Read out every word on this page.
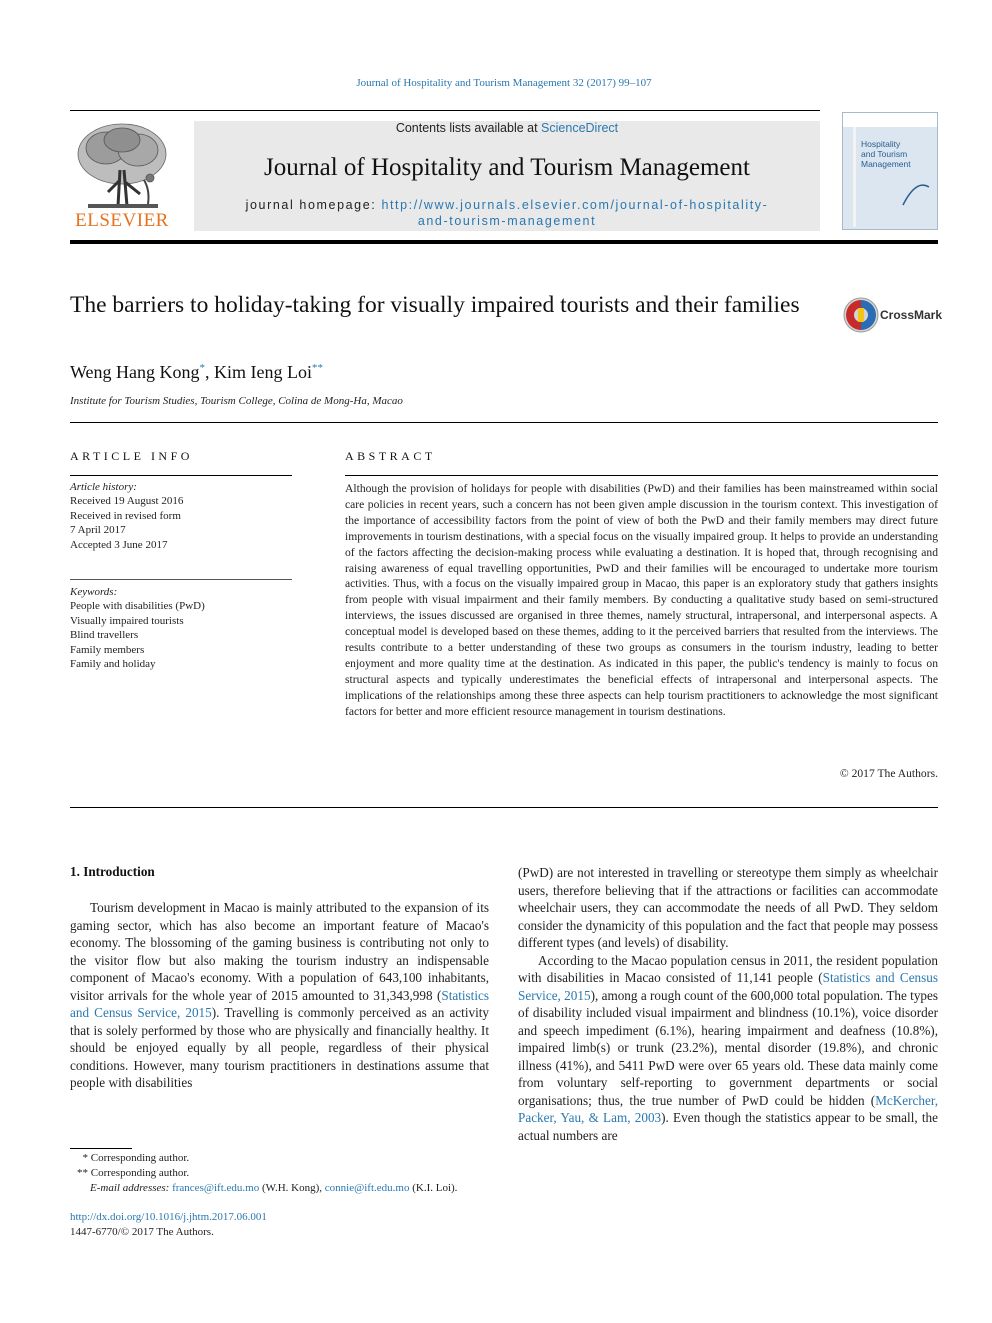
Journal of Hospitality and Tourism Management 32 (2017) 99–107
ELSEVIER
Contents lists available at ScienceDirect
Journal of Hospitality and Tourism Management
journal homepage: http://www.journals.elsevier.com/journal-of-hospitality-
and-tourism-management
Hospitality
and Tourism
Management
The barriers to holiday-taking for visually impaired tourists and their families	CrossMark
Weng Hang Kong*, Kim Ieng Loi**
Institute for Tourism Studies, Tourism College, Colina de Mong-Ha, Macao
ARTICLE INFO
Article history:
Received 19 August 2016
Received in revised form
7 April 2017
Accepted 3 June 2017
Keywords:
People with disabilities (PwD)
Visually impaired tourists
Blind travellers
Family members
Family and holiday
ABSTRACT
Although the provision of holidays for people with disabilities (PwD) and their families has been mainstreamed within social care policies in recent years, such a concern has not been given ample discussion in the tourism context. This investigation of the importance of accessibility factors from the point of view of both the PwD and their family members may direct future improvements in tourism destinations, with a special focus on the visually impaired group. It helps to provide an understanding of the factors affecting the decision-making process while evaluating a destination. It is hoped that, through recognising and raising awareness of equal travelling opportunities, PwD and their families will be encouraged to undertake more tourism activities. Thus, with a focus on the visually impaired group in Macao, this paper is an exploratory study that gathers insights from people with visual impairment and their family members. By conducting a qualitative study based on semi-structured interviews, the issues discussed are organised in three themes, namely structural, intrapersonal, and interpersonal aspects. A conceptual model is developed based on these themes, adding to it the perceived barriers that resulted from the interviews. The results contribute to a better understanding of these two groups as consumers in the tourism industry, leading to better enjoyment and more quality time at the destination. As indicated in this paper, the public's tendency is mainly to focus on structural aspects and typically underestimates the beneficial effects of intrapersonal and interpersonal aspects. The implications of the relationships among these three aspects can help tourism practitioners to acknowledge the most significant factors for better and more efficient resource management in tourism destinations.
© 2017 The Authors.
1. Introduction

Tourism development in Macao is mainly attributed to the expansion of its gaming sector, which has also become an important feature of Macao's economy. The blossoming of the gaming business is contributing not only to the visitor flow but also making the tourism industry an indispensable component of Macao's economy. With a population of 643,100 inhabitants, visitor arrivals for the whole year of 2015 amounted to 31,343,998 (Statistics and Census Service, 2015). Travelling is commonly perceived as an activity that is solely performed by those who are physically and financially healthy. It should be enjoyed equally by all people, regardless of their physical conditions. However, many tourism practitioners in destinations assume that people with disabilities

(PwD) are not interested in travelling or stereotype them simply as wheelchair users, therefore believing that if the attractions or facilities can accommodate wheelchair users, they can accommodate the needs of all PwD. They seldom consider the dynamicity of this population and the fact that people may possess different types (and levels) of disability.

According to the Macao population census in 2011, the resident population with disabilities in Macao consisted of 11,141 people (Statistics and Census Service, 2015), among a rough count of the 600,000 total population. The types of disability included visual impairment and blindness (10.1%), voice disorder and speech impediment (6.1%), hearing impairment and deafness (10.8%), impaired limb(s) or trunk (23.2%), mental disorder (19.8%), and chronic illness (41%), and 5411 PwD were over 65 years old. These data mainly come from voluntary self-reporting to government departments or social organisations; thus, the true number of PwD could be hidden (McKercher, Packer, Yau, & Lam, 2003). Even though the statistics appear to be small, the actual numbers are

* Corresponding author.
** Corresponding author.
E-mail addresses: frances@ift.edu.mo (W.H. Kong), connie@ift.edu.mo (K.I. Loi).
http://dx.doi.org/10.1016/j.jhtm.2017.06.001
1447-6770/© 2017 The Authors.
